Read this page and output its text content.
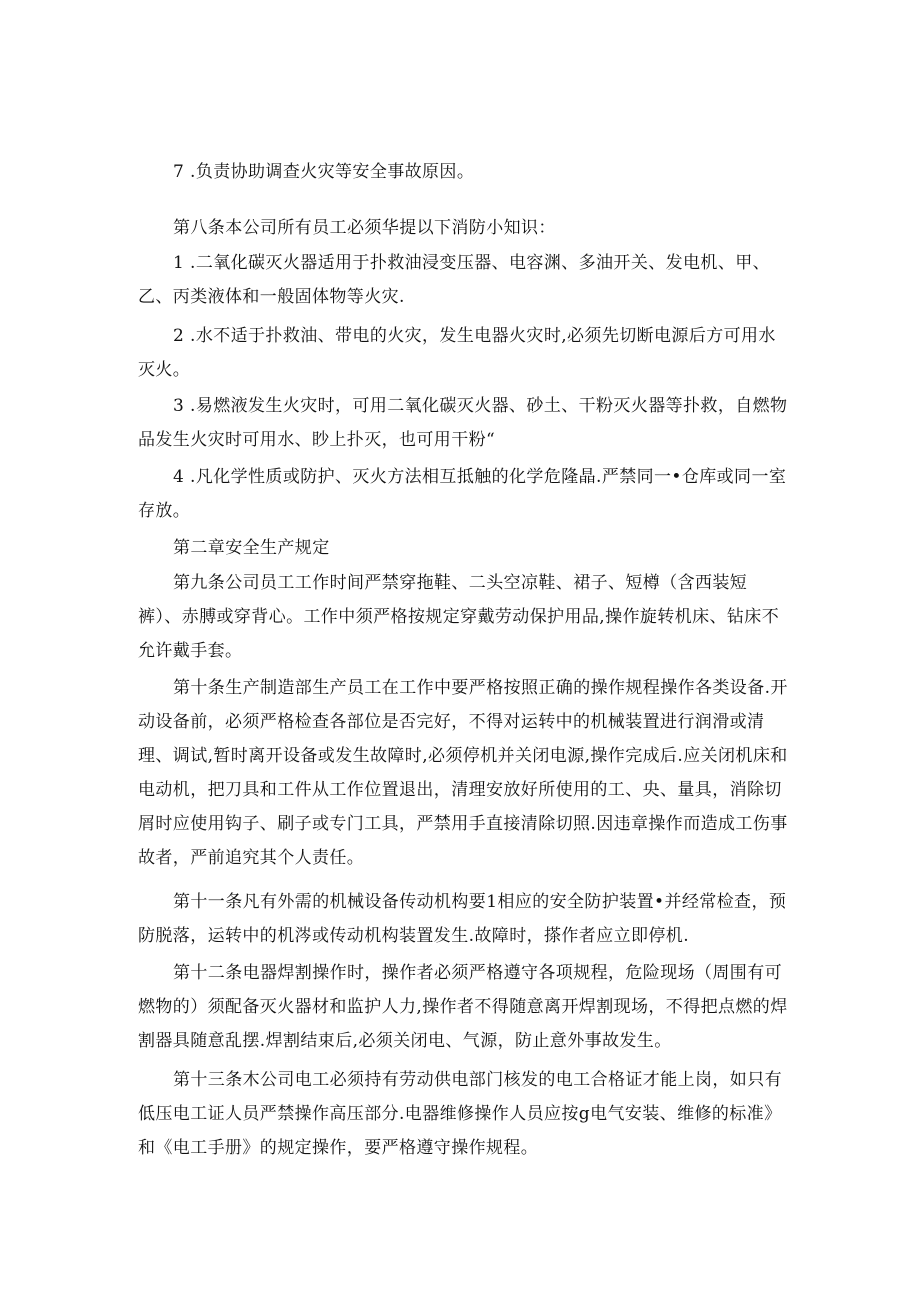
7 .负责协助调查火灾等安全事故原因。

第八条本公司所有员工必须华提以下消防小知识：

1 .二氧化碳灭火器适用于扑救油浸变压器、电容渊、多油开关、发电机、甲、乙、丙类液体和一般固体物等火灾.

2 .水不适于扑救油、带电的火灾，发生电器火灾时,必须先切断电源后方可用水灭火。

3 .易燃液发生火灾时，可用二氧化碳灭火器、砂土、干粉灭火器等扑救，自燃物品发生火灾时可用水、眇上扑灭，也可用干粉“

4 .凡化学性质或防护、灭火方法相互抵触的化学危隆晶.严禁同一•仓库或同一室存放。

第二章安全生产规定

第九条公司员工工作时间严禁穿拖鞋、二头空凉鞋、裙子、短樽（含西装短裤）、赤膊或穿背心。工作中须严格按规定穿戴劳动保护用品,操作旋转机床、钻床不允许戴手套。

第十条生产制造部生产员工在工作中要严格按照正确的操作规程操作各类设备.开动设备前，必须严格检查各部位是否完好，不得对运转中的机械装置进行润滑或清理、调试,暂时离开设备或发生故障时,必须停机并关闭电源,操作完成后.应关闭机床和电动机，把刀具和工件从工作位置退出，清理安放好所使用的工、央、量具，消除切屑时应使用钩子、刷子或专门工具，严禁用手直接清除切照.因违章操作而造成工伤事故者，严前追究其个人责任。

第十一条凡有外需的机械设备传动机构要1相应的安全防护装置•并经常检查，预防脱落，运转中的机涔或传动机构装置发生.故障时，搽作者应立即停机.

第十二条电器焊割操作时，操作者必须严格遵守各项规程，危险现场（周围有可燃物的）须配备灭火器材和监护人力,操作者不得随意离开焊割现场，不得把点燃的焊割器具随意乱摆.焊割结束后,必须关闭电、气源，防止意外事故发生。

第十三条木公司电工必须持有劳动供电部门核发的电工合格证才能上岗，如只有低压电工证人员严禁操作高压部分.电器维修操作人员应按g电气安装、维修的标准》和《电工手册》的规定操作，要严格遵守操作规程。
